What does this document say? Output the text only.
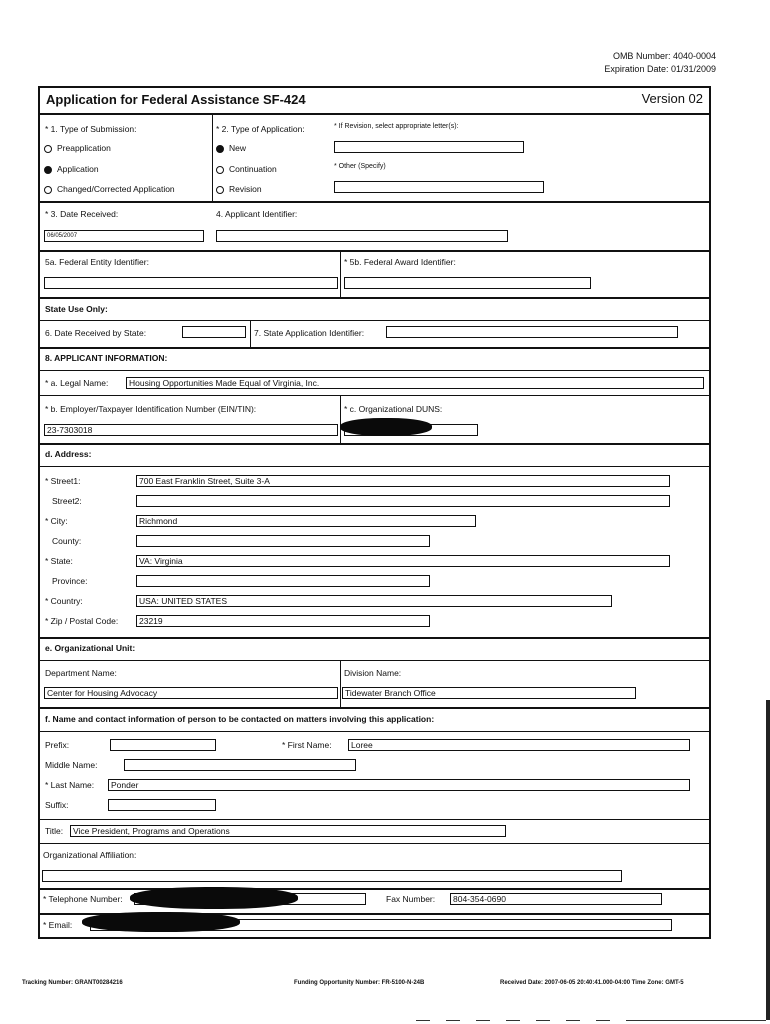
OMB Number: 4040-0004
Expiration Date: 01/31/2009
Application for Federal Assistance SF-424	Version 02
* 1. Type of Submission:
Preapplication
Application
Changed/Corrected Application
* 2. Type of Application:
New
Continuation
Revision
* If Revision, select appropriate letter(s):
* Other (Specify)
* 3. Date Received:
06/05/2007
4. Applicant Identifier:
5a. Federal Entity Identifier:	* 5b. Federal Award Identifier:
State Use Only:
6. Date Received by State:	7. State Application Identifier:
8. APPLICANT INFORMATION:
* a. Legal Name:	Housing Opportunities Made Equal of Virginia, Inc.
* b. Employer/Taxpayer Identification Number (EIN/TIN):
23-7303018
* c. Organizational DUNS:
d. Address:
* Street1:	700 East Franklin Street, Suite 3-A
Street2:
* City:	Richmond
County:
* State:	VA: Virginia
Province:
* Country:	USA: UNITED STATES
* Zip / Postal Code:	23219
e. Organizational Unit:
Department Name:
Center for Housing Advocacy
Division Name:
Tidewater Branch Office
f. Name and contact information of person to be contacted on matters involving this application:
Prefix:	* First Name:	Loree
Middle Name:
* Last Name:	Ponder
Suffix:
Title:	Vice President, Programs and Operations
Organizational Affiliation:
* Telephone Number:	Fax Number:	804-354-0690
* Email:
Tracking Number: GRANT00284216	Funding Opportunity Number: FR-5100-N-24B	Received Date: 2007-06-05 20:40:41.000-04:00 Time Zone: GMT-5
